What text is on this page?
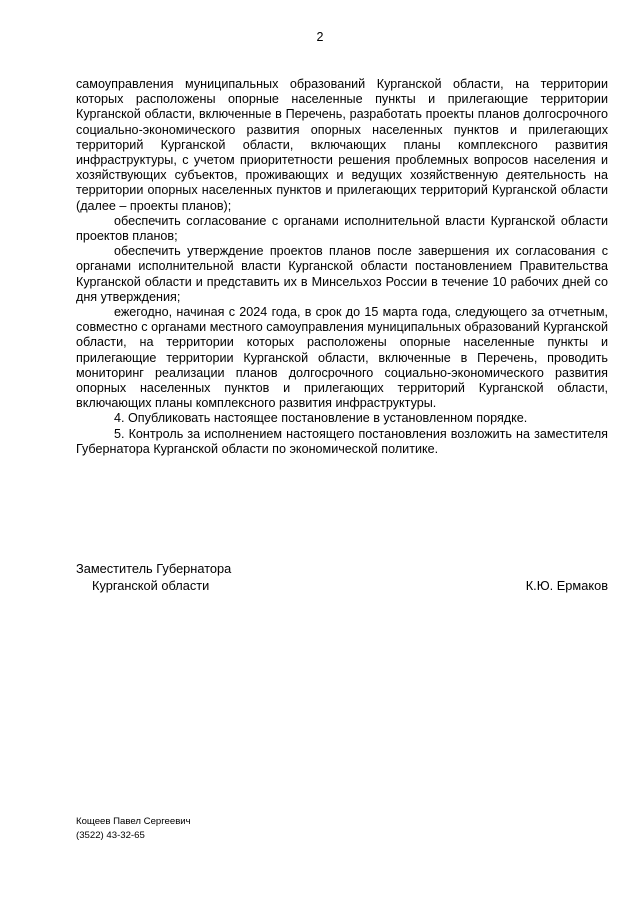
2

самоуправления муниципальных образований Курганской области, на территории которых расположены опорные населенные пункты и прилегающие территории Курганской области, включенные в Перечень, разработать проекты планов долгосрочного социально-экономического развития опорных населенных пунктов и прилегающих территорий Курганской области, включающих планы комплексного развития инфраструктуры, с учетом приоритетности решения проблемных вопросов населения и хозяйствующих субъектов, проживающих и ведущих хозяйственную деятельность на территории опорных населенных пунктов и прилегающих территорий Курганской области (далее – проекты планов);

обеспечить согласование с органами исполнительной власти Курганской области проектов планов;

обеспечить утверждение проектов планов после завершения их согласования с органами исполнительной власти Курганской области постановлением Правительства Курганской области и представить их в Минсельхоз России в течение 10 рабочих дней со дня утверждения;

ежегодно, начиная с 2024 года, в срок до 15 марта года, следующего за отчетным, совместно с органами местного самоуправления муниципальных образований Курганской области, на территории которых расположены опорные населенные пункты и прилегающие территории Курганской области, включенные в Перечень, проводить мониторинг реализации планов долгосрочного социально-экономического развития опорных населенных пунктов и прилегающих территорий Курганской области, включающих планы комплексного развития инфраструктуры.

4. Опубликовать настоящее постановление в установленном порядке.

5. Контроль за исполнением настоящего постановления возложить на заместителя Губернатора Курганской области по экономической политике.

Заместитель Губернатора
Курганской области	К.Ю. Ермаков
Кощеев Павел Сергеевич
(3522) 43-32-65
